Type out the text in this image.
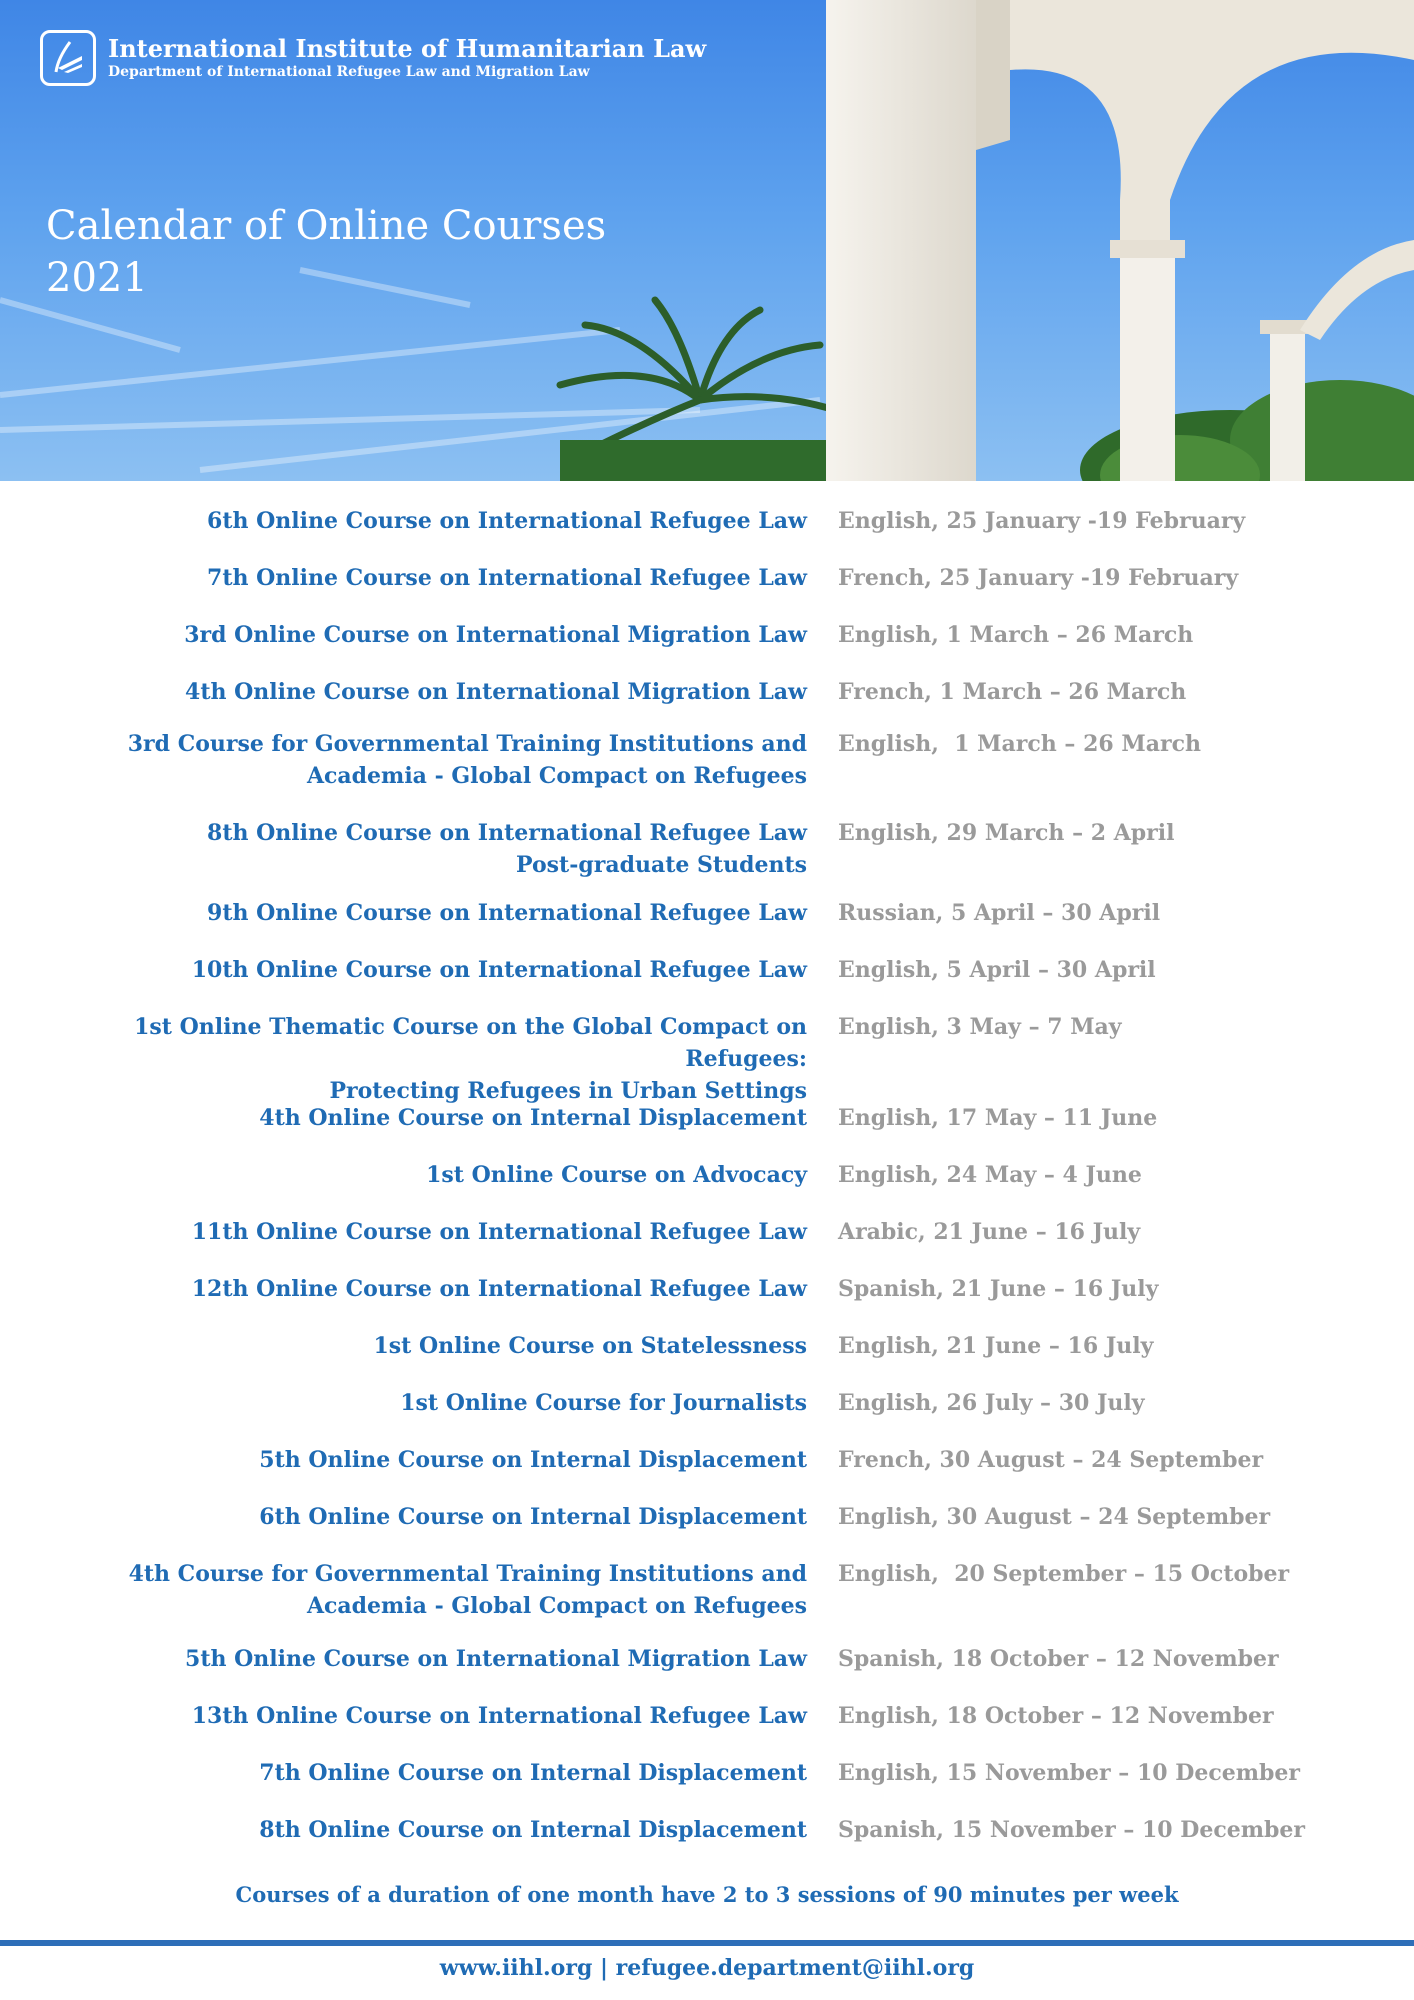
International Institute of Humanitarian Law
Department of International Refugee Law and Migration Law
Calendar of Online Courses
2021
6th Online Course on International Refugee Law English, 25 January -19 February
7th Online Course on International Refugee Law French, 25 January -19 February
3rd Online Course on International Migration Law English, 1 March – 26 March
4th Online Course on International Migration Law French, 1 March – 26 March
3rd Course for Governmental Training Institutions and
Academia - Global Compact on Refugees
English,  1 March – 26 March
8th Online Course on International Refugee Law
Post-graduate Students
English, 29 March – 2 April
9th Online Course on International Refugee Law Russian, 5 April – 30 April
10th Online Course on International Refugee Law English, 5 April – 30 April
1st Online Thematic Course on the Global Compact on Refugees:
Protecting Refugees in Urban Settings
English, 3 May – 7 May
4th Online Course on Internal Displacement English, 17 May – 11 June
1st Online Course on Advocacy English, 24 May – 4 June
11th Online Course on International Refugee Law Arabic, 21 June – 16 July
12th Online Course on International Refugee Law Spanish, 21 June – 16 July
1st Online Course on Statelessness English, 21 June – 16 July
1st Online Course for Journalists English, 26 July – 30 July
5th Online Course on Internal Displacement French, 30 August – 24 September
6th Online Course on Internal Displacement English, 30 August – 24 September
4th Course for Governmental Training Institutions and
Academia - Global Compact on Refugees
English,  20 September – 15 October
5th Online Course on International Migration Law Spanish, 18 October – 12 November
13th Online Course on International Refugee Law English, 18 October – 12 November
7th Online Course on Internal Displacement English, 15 November – 10 December
8th Online Course on Internal Displacement Spanish, 15 November – 10 December
Courses of a duration of one month have 2 to 3 sessions of 90 minutes per week
www.iihl.org | refugee.department@iihl.org
